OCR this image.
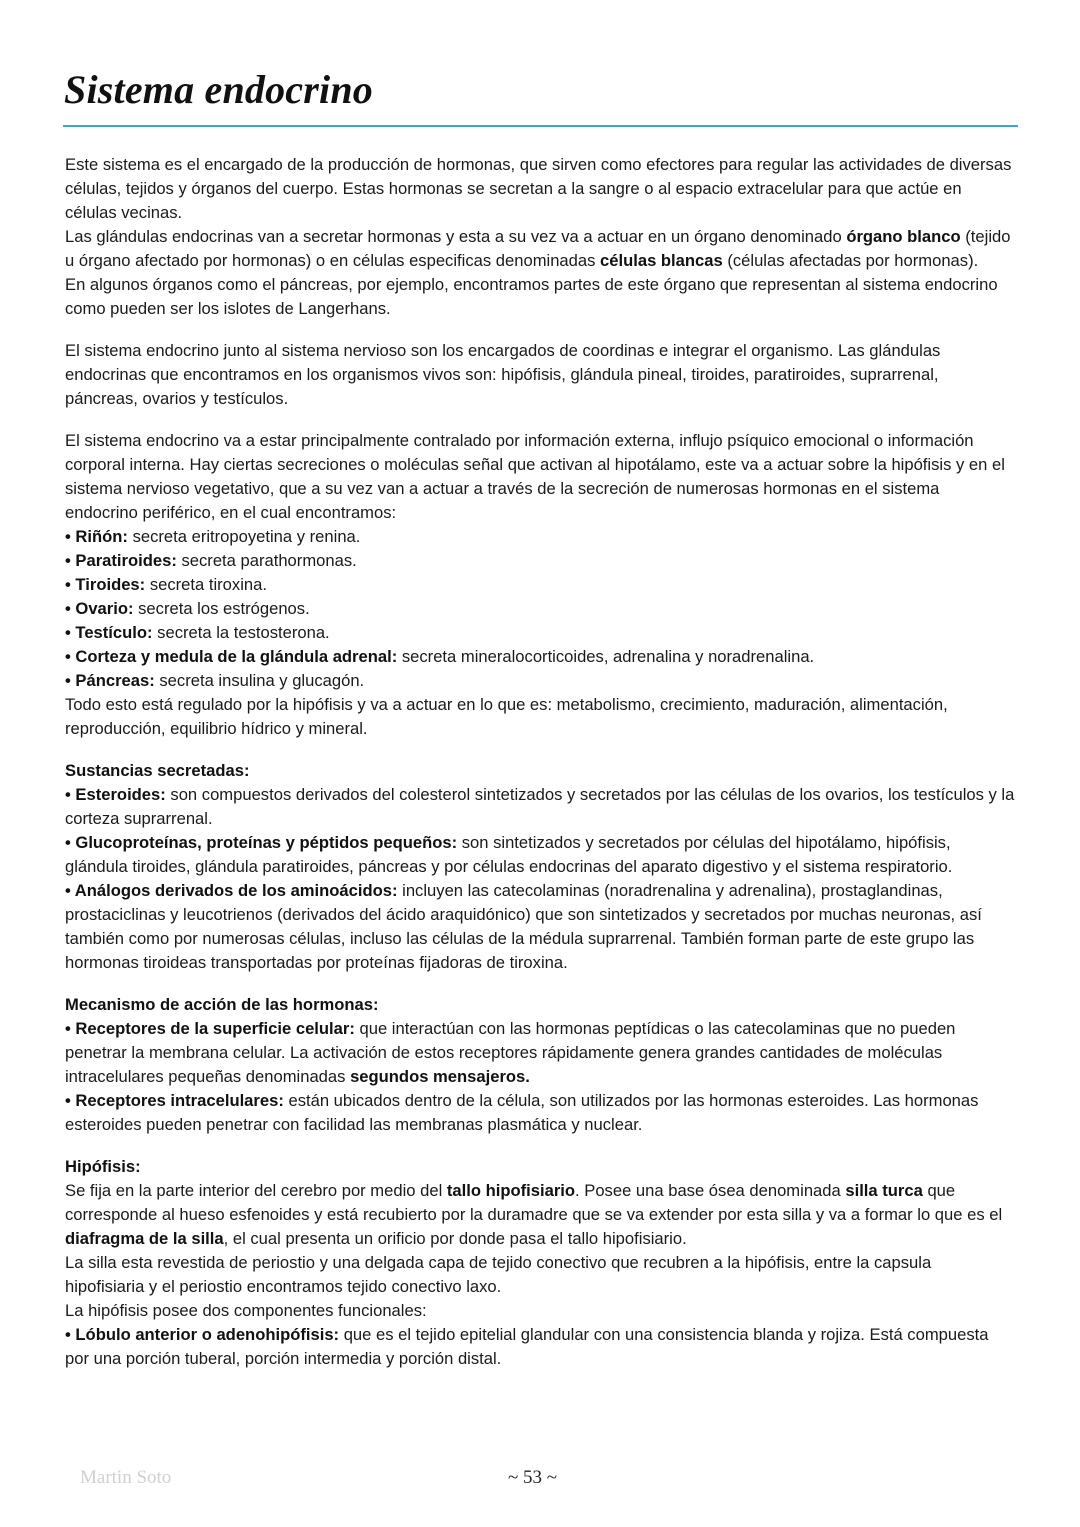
Sistema endocrino

Este sistema es el encargado de la producción de hormonas, que sirven como efectores para regular las actividades de diversas células, tejidos y órganos del cuerpo. Estas hormonas se secretan a la sangre o al espacio extracelular para que actúe en células vecinas.

Las glándulas endocrinas van a secretar hormonas y esta a su vez va a actuar en un órgano denominado órgano blanco (tejido u órgano afectado por hormonas) o en células especificas denominadas células blancas (células afectadas por hormonas).

En algunos órganos como el páncreas, por ejemplo, encontramos partes de este órgano que representan al sistema endocrino como pueden ser los islotes de Langerhans.

El sistema endocrino junto al sistema nervioso son los encargados de coordinas e integrar el organismo. Las glándulas endocrinas que encontramos en los organismos vivos son: hipófisis, glándula pineal, tiroides, paratiroides, suprarrenal, páncreas, ovarios y testículos.

El sistema endocrino va a estar principalmente contralado por información externa, influjo psíquico emocional o información corporal interna. Hay ciertas secreciones o moléculas señal que activan al hipotálamo, este va a actuar sobre la hipófisis y en el sistema nervioso vegetativo, que a su vez van a actuar a través de la secreción de numerosas hormonas en el sistema endocrino periférico, en el cual encontramos:

• Riñón: secreta eritropoyetina y renina.

• Paratiroides: secreta parathormonas.

• Tiroides: secreta tiroxina.

• Ovario: secreta los estrógenos.

• Testículo: secreta la testosterona.

• Corteza y medula de la glándula adrenal: secreta mineralocorticoides, adrenalina y noradrenalina.

• Páncreas: secreta insulina y glucagón.

Todo esto está regulado por la hipófisis y va a actuar en lo que es: metabolismo, crecimiento, maduración, alimentación, reproducción, equilibrio hídrico y mineral.

Sustancias secretadas:

• Esteroides: son compuestos derivados del colesterol sintetizados y secretados por las células de los ovarios, los testículos y la corteza suprarrenal.

• Glucoproteínas, proteínas y péptidos pequeños: son sintetizados y secretados por células del hipotálamo, hipófisis, glándula tiroides, glándula paratiroides, páncreas y por células endocrinas del aparato digestivo y el sistema respiratorio.

• Análogos derivados de los aminoácidos: incluyen las catecolaminas (noradrenalina y adrenalina), prostaglandinas, prostaciclinas y leucotrienos (derivados del ácido araquidónico) que son sintetizados y secretados por muchas neuronas, así también como por numerosas células, incluso las células de la médula suprarrenal. También forman parte de este grupo las hormonas tiroideas transportadas por proteínas fijadoras de tiroxina.

Mecanismo de acción de las hormonas:

• Receptores de la superficie celular: que interactúan con las hormonas peptídicas o las catecolaminas que no pueden penetrar la membrana celular. La activación de estos receptores rápidamente genera grandes cantidades de moléculas intracelulares pequeñas denominadas segundos mensajeros.

• Receptores intracelulares: están ubicados dentro de la célula, son utilizados por las hormonas esteroides. Las hormonas esteroides pueden penetrar con facilidad las membranas plasmática y nuclear.

Hipófisis:

Se fija en la parte interior del cerebro por medio del tallo hipofisiario. Posee una base ósea denominada silla turca que corresponde al hueso esfenoides y está recubierto por la duramadre que se va extender por esta silla y va a formar lo que es el diafragma de la silla, el cual presenta un orificio por donde pasa el tallo hipofisiario.

La silla esta revestida de periostio y una delgada capa de tejido conectivo que recubren a la hipófisis, entre la capsula hipofisiaria y el periostio encontramos tejido conectivo laxo.

La hipófisis posee dos componentes funcionales:

• Lóbulo anterior o adenohipófisis: que es el tejido epitelial glandular con una consistencia blanda y rojiza. Está compuesta por una porción tuberal, porción intermedia y porción distal.

Martin Soto	~ 53 ~
